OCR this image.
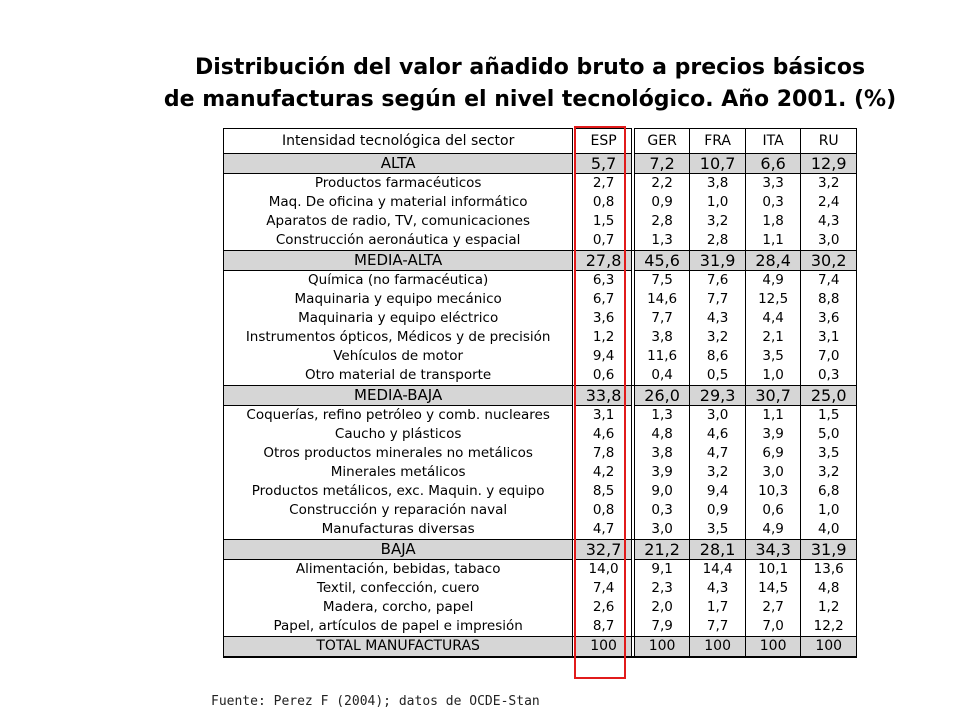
Distribución del valor añadido bruto a precios básicos
de manufacturas según el nivel tecnológico. Año 2001. (%)
Intensidad tecnológica del sector		ESP		GER	FRA	ITA	RU
ALTA		5,7		7,2	10,7	6,6	12,9
Productos farmacéuticos		2,7		2,2	3,8	3,3	3,2
Maq. De oficina y material informático		0,8		0,9	1,0	0,3	2,4
Aparatos de radio, TV, comunicaciones		1,5		2,8	3,2	1,8	4,3
Construcción aeronáutica y espacial		0,7		1,3	2,8	1,1	3,0
MEDIA-ALTA		27,8		45,6	31,9	28,4	30,2
Química (no farmacéutica)		6,3		7,5	7,6	4,9	7,4
Maquinaria y equipo mecánico		6,7		14,6	7,7	12,5	8,8
Maquinaria y equipo eléctrico		3,6		7,7	4,3	4,4	3,6
Instrumentos ópticos, Médicos y de precisión		1,2		3,8	3,2	2,1	3,1
Vehículos de motor		9,4		11,6	8,6	3,5	7,0
Otro material de transporte		0,6		0,4	0,5	1,0	0,3
MEDIA-BAJA		33,8		26,0	29,3	30,7	25,0
Coquerías, refino petróleo y comb. nucleares		3,1		1,3	3,0	1,1	1,5
Caucho y plásticos		4,6		4,8	4,6	3,9	5,0
Otros productos minerales no metálicos		7,8		3,8	4,7	6,9	3,5
Minerales metálicos		4,2		3,9	3,2	3,0	3,2
Productos metálicos, exc. Maquin. y equipo		8,5		9,0	9,4	10,3	6,8
Construcción y reparación naval		0,8		0,3	0,9	0,6	1,0
Manufacturas diversas		4,7		3,0	3,5	4,9	4,0
BAJA		32,7		21,2	28,1	34,3	31,9
Alimentación, bebidas, tabaco		14,0		9,1	14,4	10,1	13,6
Textil, confección, cuero		7,4		2,3	4,3	14,5	4,8
Madera, corcho, papel		2,6		2,0	1,7	2,7	1,2
Papel, artículos de papel e impresión		8,7		7,9	7,7	7,0	12,2
TOTAL MANUFACTURAS		100		100	100	100	100

Fuente: Perez F (2004); datos de OCDE-Stan
